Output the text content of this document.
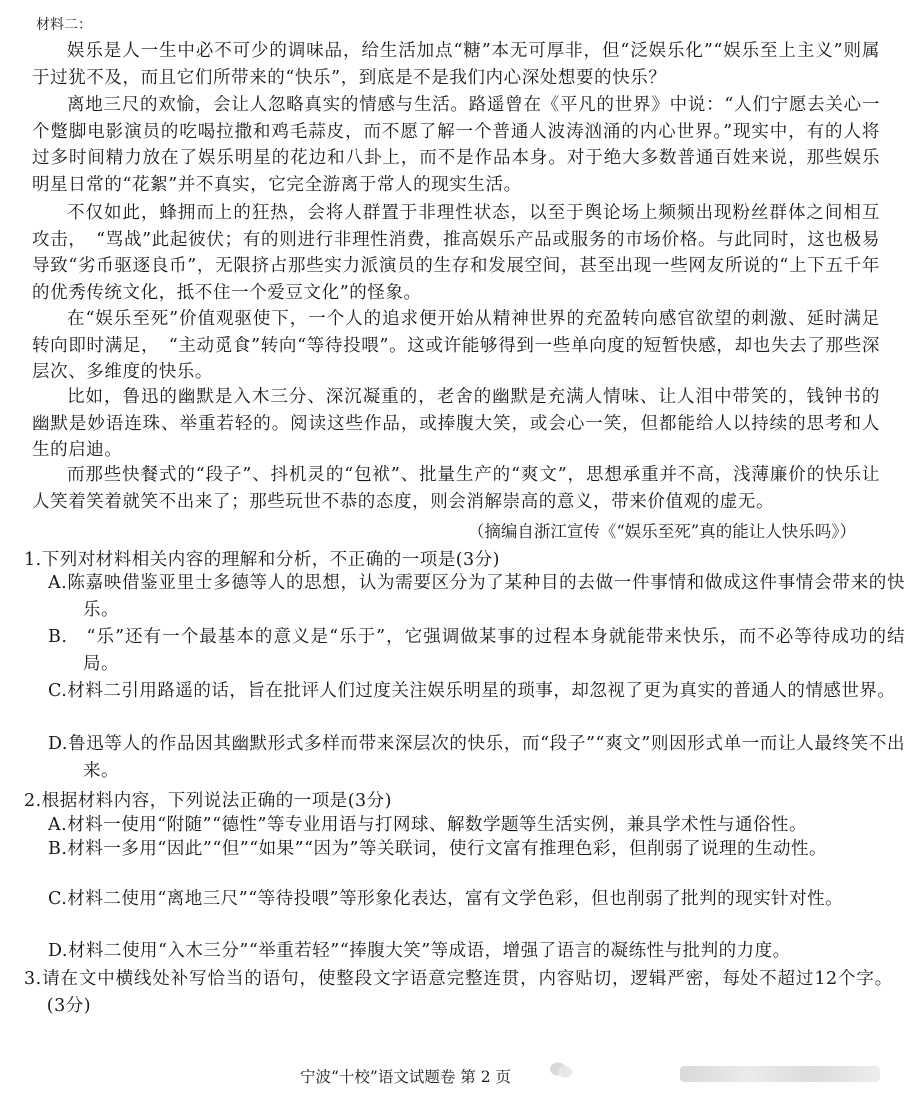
材料二：
娱乐是人一生中必不可少的调味品，给生活加点“糖”本无可厚非，但“泛娱乐化”“娱乐至上主义”则属于过犹不及，而且它们所带来的“快乐”，到底是不是我们内心深处想要的快乐？
离地三尺的欢愉，会让人忽略真实的情感与生活。路遥曾在《平凡的世界》中说：“人们宁愿去关心一个蹩脚电影演员的吃喝拉撒和鸡毛蒜皮，而不愿了解一个普通人波涛汹涌的内心世界。”现实中，有的人将过多时间精力放在了娱乐明星的花边和八卦上，而不是作品本身。对于绝大多数普通百姓来说，那些娱乐明星日常的“花絮”并不真实，它完全游离于常人的现实生活。
不仅如此，蜂拥而上的狂热，会将人群置于非理性状态，以至于舆论场上频频出现粉丝群体之间相互攻击，　“骂战”此起彼伏；有的则进行非理性消费，推高娱乐产品或服务的市场价格。与此同时，这也极易导致“劣币驱逐良币”，无限挤占那些实力派演员的生存和发展空间，甚至出现一些网友所说的“上下五千年的优秀传统文化，抵不住一个爱豆文化”的怪象。
在“娱乐至死”价值观驱使下，一个人的追求便开始从精神世界的充盈转向感官欲望的刺激、延时满足转向即时满足，　“主动觅食”转向“等待投喂”。这或许能够得到一些单向度的短暂快感，却也失去了那些深层次、多维度的快乐。
比如，鲁迅的幽默是入木三分、深沉凝重的，老舍的幽默是充满人情味、让人泪中带笑的，钱钟书的幽默是妙语连珠、举重若轻的。阅读这些作品，或捧腹大笑，或会心一笑，但都能给人以持续的思考和人生的启迪。
而那些快餐式的“段子”、抖机灵的“包袱”、批量生产的“爽文”，思想承重并不高，浅薄廉价的快乐让人笑着笑着就笑不出来了；那些玩世不恭的态度，则会消解崇高的意义，带来价值观的虚无。
（摘编自浙江宣传《“娱乐至死”真的能让人快乐吗》）
1.下列对材料相关内容的理解和分析，不正确的一项是(3分)
A.陈嘉映借鉴亚里士多德等人的思想，认为需要区分为了某种目的去做一件事情和做成这件事情会带来的快乐。
B.　“乐”还有一个最基本的意义是“乐于”，它强调做某事的过程本身就能带来快乐，而不必等待成功的结局。
C.材料二引用路遥的话，旨在批评人们过度关注娱乐明星的琐事，却忽视了更为真实的普通人的情感世界。
D.鲁迅等人的作品因其幽默形式多样而带来深层次的快乐，而“段子”“爽文”则因形式单一而让人最终笑不出来。
2.根据材料内容，下列说法正确的一项是(3分)
A.材料一使用“附随”“德性”等专业用语与打网球、解数学题等生活实例，兼具学术性与通俗性。
B.材料一多用“因此”“但”“如果”“因为”等关联词，使行文富有推理色彩，但削弱了说理的生动性。
C.材料二使用“离地三尺”“等待投喂”等形象化表达，富有文学色彩，但也削弱了批判的现实针对性。
D.材料二使用“入木三分”“举重若轻”“捧腹大笑”等成语，增强了语言的凝练性与批判的力度。
3.请在文中横线处补写恰当的语句，使整段文字语意完整连贯，内容贴切，逻辑严密，每处不超过12个字。(3分)
宁波“十校”语文试题卷 第 2 页
